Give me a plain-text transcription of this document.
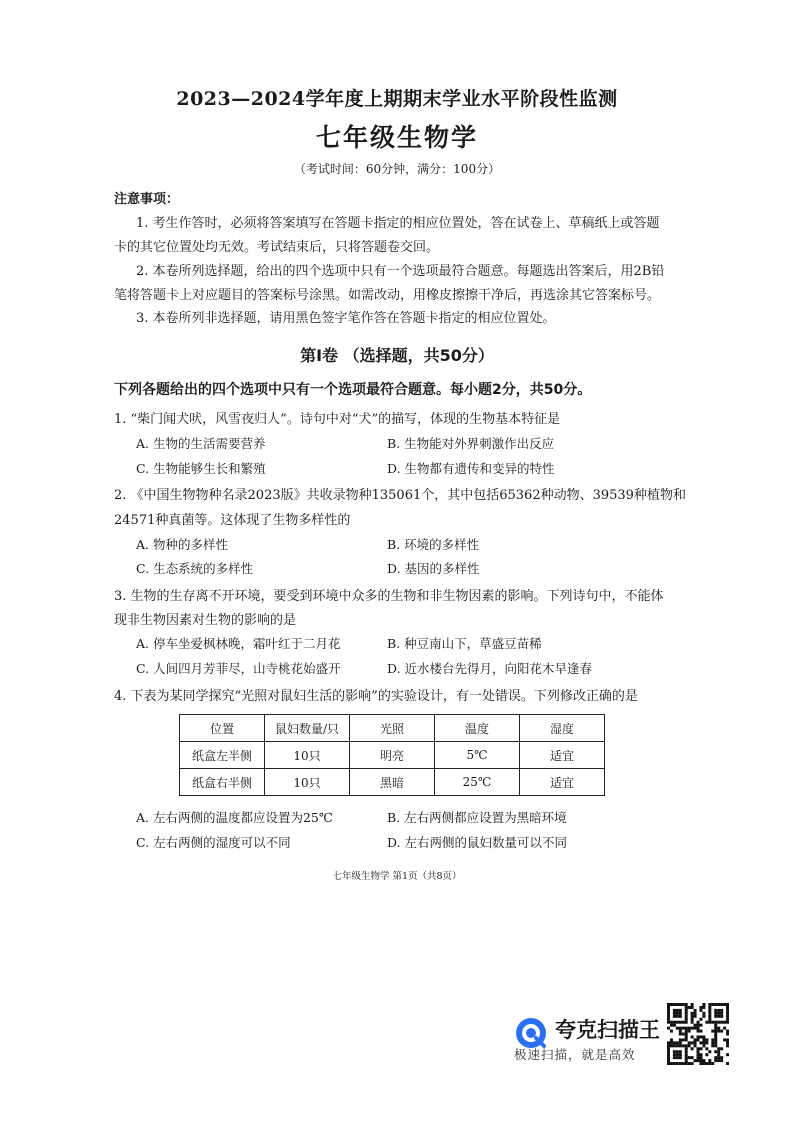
2023—2024学年度上期期末学业水平阶段性监测
七年级生物学
（考试时间：60分钟，满分：100分）
注意事项：
1. 考生作答时，必须将答案填写在答题卡指定的相应位置处，答在试卷上、草稿纸上或答题
卡的其它位置处均无效。考试结束后，只将答题卷交回。
2. 本卷所列选择题，给出的四个选项中只有一个选项最符合题意。每题选出答案后，用2B铅
笔将答题卡上对应题目的答案标号涂黑。如需改动，用橡皮擦擦干净后，再选涂其它答案标号。
3. 本卷所列非选择题，请用黑色签字笔作答在答题卡指定的相应位置处。
第Ⅰ卷 （选择题，共50分）
下列各题给出的四个选项中只有一个选项最符合题意。每小题2分，共50分。
1. “柴门闻犬吠，风雪夜归人”。诗句中对“犬”的描写，体现的生物基本特征是
A. 生物的生活需要营养	B. 生物能对外界刺激作出反应
C. 生物能够生长和繁殖	D. 生物都有遗传和变异的特性
2. 《中国生物物种名录2023版》共收录物种135061个，其中包括65362种动物、39539种植物和
24571种真菌等。这体现了生物多样性的
A. 物种的多样性	B. 环境的多样性
C. 生态系统的多样性	D. 基因的多样性
3. 生物的生存离不开环境，要受到环境中众多的生物和非生物因素的影响。下列诗句中，不能体
现非生物因素对生物的影响的是
A. 停车坐爱枫林晚，霜叶红于二月花	B. 种豆南山下，草盛豆苗稀
C. 人间四月芳菲尽，山寺桃花始盛开	D. 近水楼台先得月，向阳花木早逢春
4. 下表为某同学探究“光照对鼠妇生活的影响”的实验设计，有一处错误。下列修改正确的是
位置	鼠妇数量/只	光照	温度	湿度
纸盒左半侧	10只	明亮	5℃	适宜
纸盒右半侧	10只	黑暗	25℃	适宜
A. 左右两侧的温度都应设置为25℃	B. 左右两侧都应设置为黑暗环境
C. 左右两侧的湿度可以不同	D. 左右两侧的鼠妇数量可以不同
七年级生物学 第1页（共8页）
夸克扫描王
极速扫描，就是高效
